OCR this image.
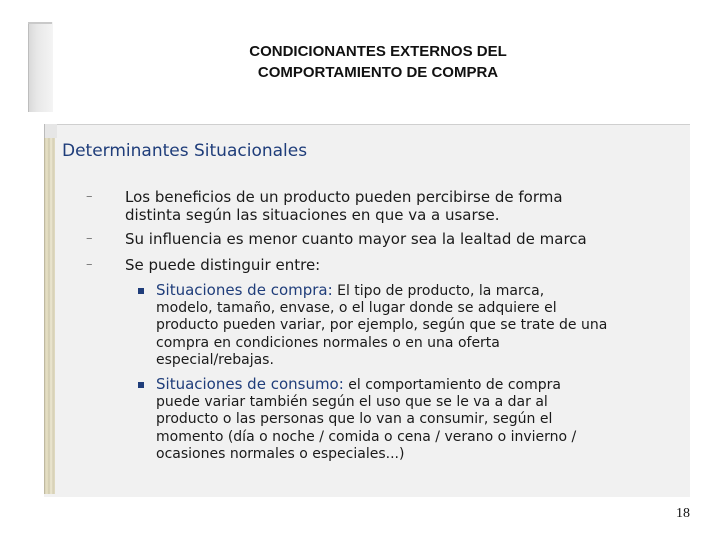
CONDICIONANTES EXTERNOS DEL
COMPORTAMIENTO DE COMPRA
Determinantes Situacionales
–	Los beneficios de un producto pueden percibirse de forma
distinta según las situaciones en que va a usarse.
–	Su influencia es menor cuanto mayor sea la lealtad de marca
–	Se puede distinguir entre:
Situaciones de compra: El tipo de producto, la marca,
modelo, tamaño, envase, o el lugar donde se adquiere el
producto pueden variar, por ejemplo, según que se trate de una
compra en condiciones normales o en una oferta
especial/rebajas.
Situaciones de consumo: el comportamiento de compra
puede variar también según el uso que se le va a dar al
producto o las personas que lo van a consumir, según el
momento (día o noche / comida o cena / verano o invierno /
ocasiones normales o especiales...)
18
